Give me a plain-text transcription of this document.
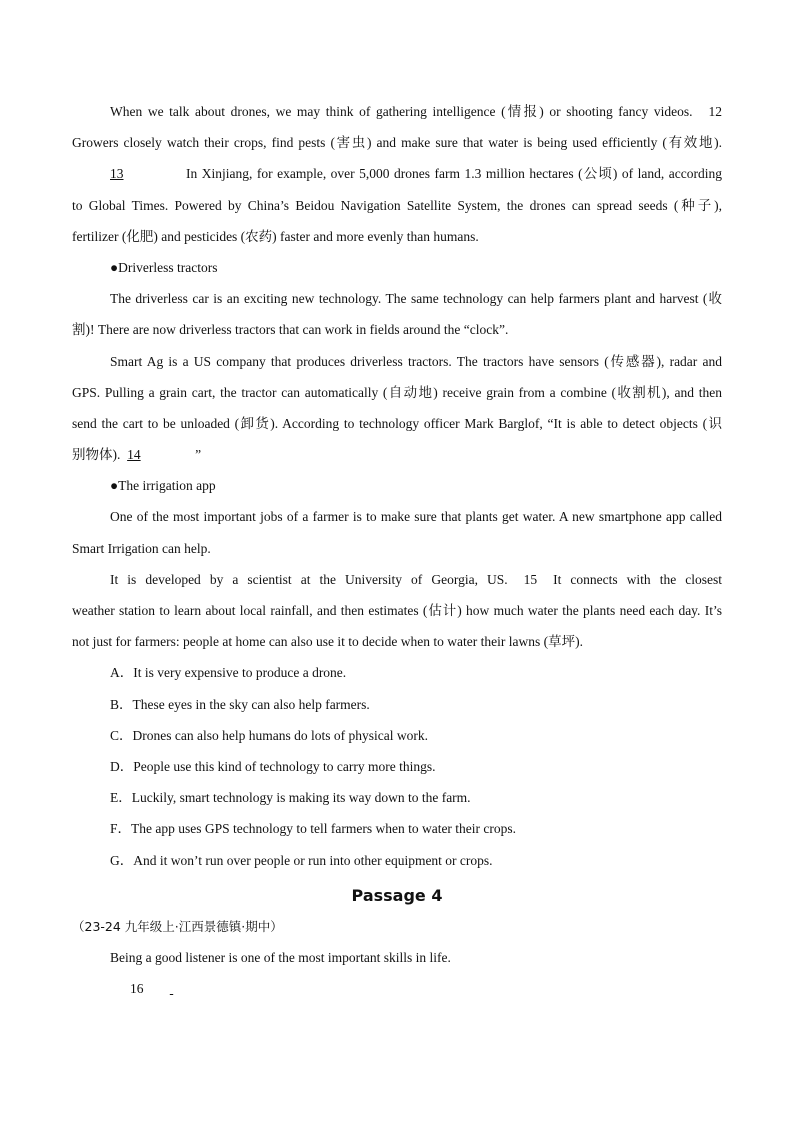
When we talk about drones, we may think of gathering intelligence (情报) or shooting fancy videos. 12
Growers closely watch their crops, find pests (害虫) and make sure that water is being used efficiently (有效地).
13	In Xinjiang, for example, over 5,000 drones farm 1.3 million hectares (公顷) of land, according
to Global Times. Powered by China’s Beidou Navigation Satellite System, the drones can spread seeds (种子),
fertilizer (化肥) and pesticides (农药) faster and more evenly than humans.
●Driverless tractors
The driverless car is an exciting new technology. The same technology can help farmers plant and harvest (收
割)! There are now driverless tractors that can work in fields around the “clock”.
Smart Ag is a US company that produces driverless tractors. The tractors have sensors (传感器), radar and
GPS. Pulling a grain cart, the tractor can automatically (自动地) receive grain from a combine (收割机), and then
send the cart to be unloaded (卸货). According to technology officer Mark Barglof, “It is able to detect objects (识
别物体). 14	”
●The irrigation app
One of the most important jobs of a farmer is to make sure that plants get water. A new smartphone app called
Smart Irrigation can help.
It is developed by a scientist at the University of Georgia, US. 15 It connects with the closest
weather station to learn about local rainfall, and then estimates (估计) how much water the plants need each day. It’s
not just for farmers: people at home can also use it to decide when to water their lawns (草坪).
A．It is very expensive to produce a drone.
B．These eyes in the sky can also help farmers.
C．Drones can also help humans do lots of physical work.
D．People use this kind of technology to carry more things.
E．Luckily, smart technology is making its way down to the farm.
F．The app uses GPS technology to tell farmers when to water their crops.
G．And it won’t run over people or run into other equipment or crops.
Passage 4
（23-24 九年级上·江西景德镇·期中）
Being a good listener is one of the most important skills in life.
16
